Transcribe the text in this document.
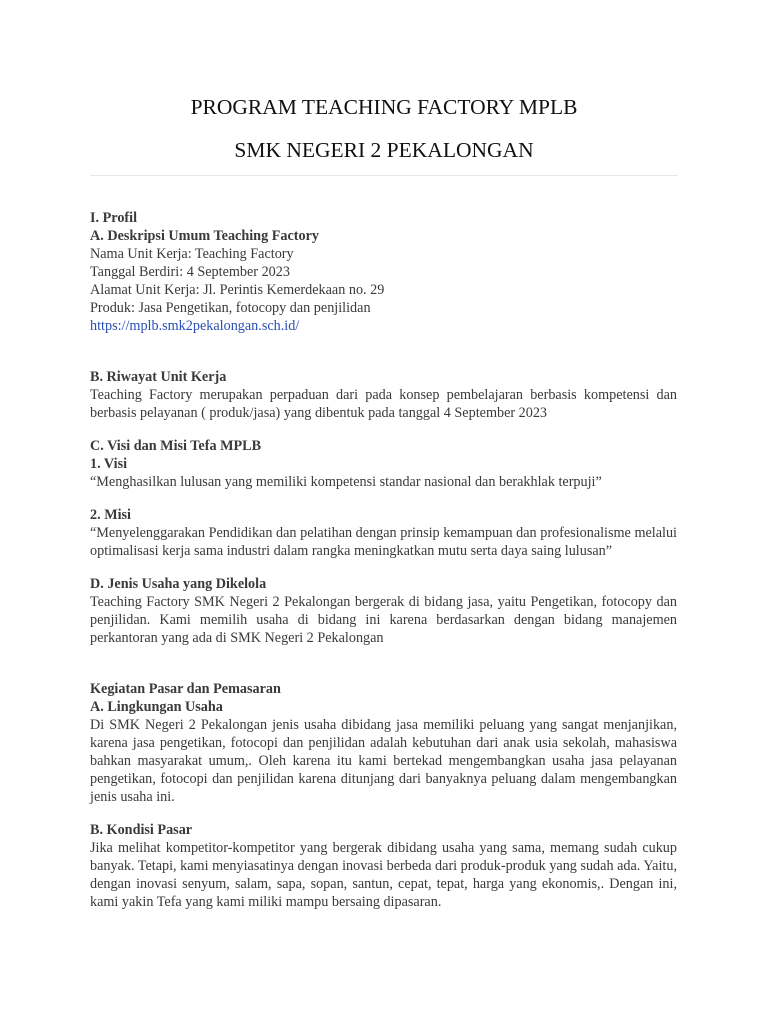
PROGRAM TEACHING FACTORY MPLB
SMK NEGERI 2 PEKALONGAN

I. Profil

A. Deskripsi Umum Teaching Factory

Nama Unit Kerja: Teaching Factory

Tanggal Berdiri: 4 September 2023

Alamat Unit Kerja: Jl. Perintis Kemerdekaan no. 29

Produk: Jasa Pengetikan, fotocopy dan penjilidan

https://mplb.smk2pekalongan.sch.id/

B. Riwayat Unit Kerja

Teaching Factory merupakan perpaduan dari pada konsep pembelajaran berbasis kompetensi dan berbasis pelayanan ( produk/jasa) yang dibentuk pada tanggal 4 September 2023

C. Visi dan Misi Tefa MPLB

1. Visi

“Menghasilkan lulusan yang memiliki kompetensi standar nasional dan berakhlak terpuji”

2. Misi

“Menyelenggarakan Pendidikan dan pelatihan dengan prinsip kemampuan dan profesionalisme melalui optimalisasi kerja sama industri dalam rangka meningkatkan mutu serta daya saing lulusan”

D. Jenis Usaha yang Dikelola

Teaching Factory SMK Negeri 2 Pekalongan bergerak di bidang jasa, yaitu Pengetikan, fotocopy dan penjilidan. Kami memilih usaha di bidang ini karena berdasarkan dengan bidang manajemen perkantoran yang ada di SMK Negeri 2 Pekalongan

Kegiatan Pasar dan Pemasaran

A. Lingkungan Usaha

Di SMK Negeri 2 Pekalongan jenis usaha dibidang jasa memiliki peluang yang sangat menjanjikan, karena jasa pengetikan, fotocopi dan penjilidan adalah kebutuhan dari anak usia sekolah, mahasiswa bahkan masyarakat umum,. Oleh karena itu kami bertekad mengembangkan usaha jasa pelayanan pengetikan, fotocopi dan penjilidan karena ditunjang dari banyaknya peluang dalam mengembangkan jenis usaha ini.

B. Kondisi Pasar

Jika melihat kompetitor-kompetitor yang bergerak dibidang usaha yang sama, memang sudah cukup banyak. Tetapi, kami menyiasatinya dengan inovasi berbeda dari produk-produk yang sudah ada. Yaitu, dengan inovasi senyum, salam, sapa, sopan, santun, cepat, tepat, harga yang ekonomis,. Dengan ini, kami yakin Tefa yang kami miliki mampu bersaing dipasaran.
